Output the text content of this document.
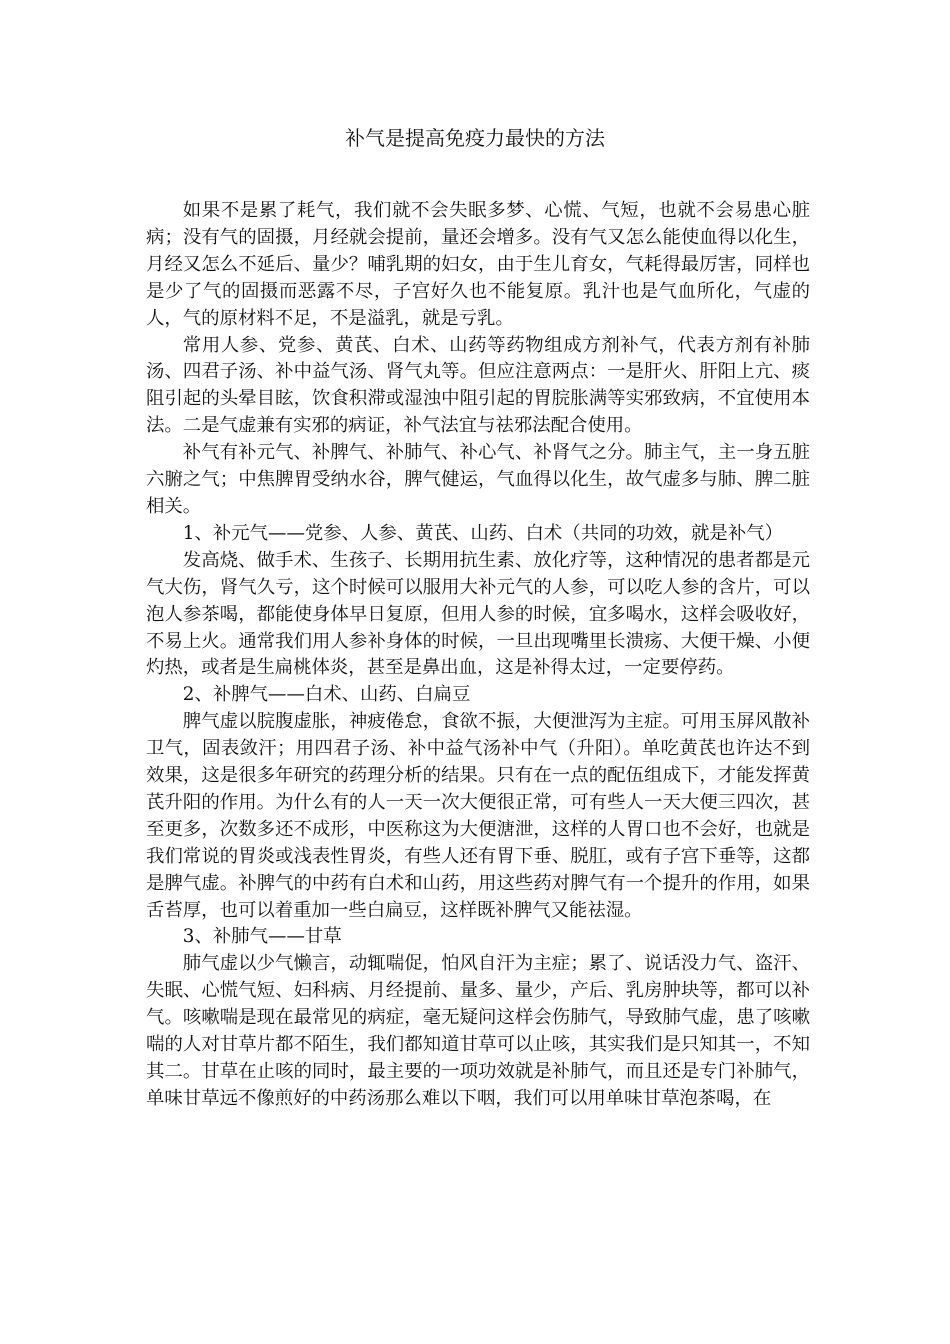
补气是提高免疫力最快的方法

如果不是累了耗气，我们就不会失眠多梦、心慌、气短，也就不会易患心脏病；没有气的固摄，月经就会提前，量还会增多。没有气又怎么能使血得以化生，月经又怎么不延后、量少？哺乳期的妇女，由于生儿育女，气耗得最厉害，同样也是少了气的固摄而恶露不尽，子宫好久也不能复原。乳汁也是气血所化，气虚的人，气的原材料不足，不是溢乳，就是亏乳。

常用人参、党参、黄芪、白术、山药等药物组成方剂补气，代表方剂有补肺汤、四君子汤、补中益气汤、肾气丸等。但应注意两点：一是肝火、肝阳上亢、痰阻引起的头晕目眩，饮食积滞或湿浊中阻引起的胃脘胀满等实邪致病，不宜使用本法。二是气虚兼有实邪的病证，补气法宜与祛邪法配合使用。

补气有补元气、补脾气、补肺气、补心气、补肾气之分。肺主气，主一身五脏六腑之气；中焦脾胃受纳水谷，脾气健运，气血得以化生，故气虚多与肺、脾二脏相关。

1、补元气——党参、人参、黄芪、山药、白术（共同的功效，就是补气）

发高烧、做手术、生孩子、长期用抗生素、放化疗等，这种情况的患者都是元气大伤，肾气久亏，这个时候可以服用大补元气的人参，可以吃人参的含片，可以泡人参茶喝，都能使身体早日复原，但用人参的时候，宜多喝水，这样会吸收好，不易上火。通常我们用人参补身体的时候，一旦出现嘴里长溃疡、大便干燥、小便灼热，或者是生扁桃体炎，甚至是鼻出血，这是补得太过，一定要停药。

2、补脾气——白术、山药、白扁豆

脾气虚以脘腹虚胀，神疲倦怠，食欲不振，大便泄泻为主症。可用玉屏风散补卫气，固表敛汗；用四君子汤、补中益气汤补中气（升阳）。单吃黄芪也许达不到效果，这是很多年研究的药理分析的结果。只有在一点的配伍组成下，才能发挥黄芪升阳的作用。为什么有的人一天一次大便很正常，可有些人一天大便三四次，甚至更多，次数多还不成形，中医称这为大便溏泄，这样的人胃口也不会好，也就是我们常说的胃炎或浅表性胃炎，有些人还有胃下垂、脱肛，或有子宫下垂等，这都是脾气虚。补脾气的中药有白术和山药，用这些药对脾气有一个提升的作用，如果舌苔厚，也可以着重加一些白扁豆，这样既补脾气又能祛湿。

3、补肺气——甘草

肺气虚以少气懒言，动辄喘促，怕风自汗为主症；累了、说话没力气、盗汗、失眠、心慌气短、妇科病、月经提前、量多、量少，产后、乳房肿块等，都可以补气。咳嗽喘是现在最常见的病症，毫无疑问这样会伤肺气，导致肺气虚，患了咳嗽喘的人对甘草片都不陌生，我们都知道甘草可以止咳，其实我们是只知其一，不知其二。甘草在止咳的同时，最主要的一项功效就是补肺气，而且还是专门补肺气，单味甘草远不像煎好的中药汤那么难以下咽，我们可以用单味甘草泡茶喝，在
